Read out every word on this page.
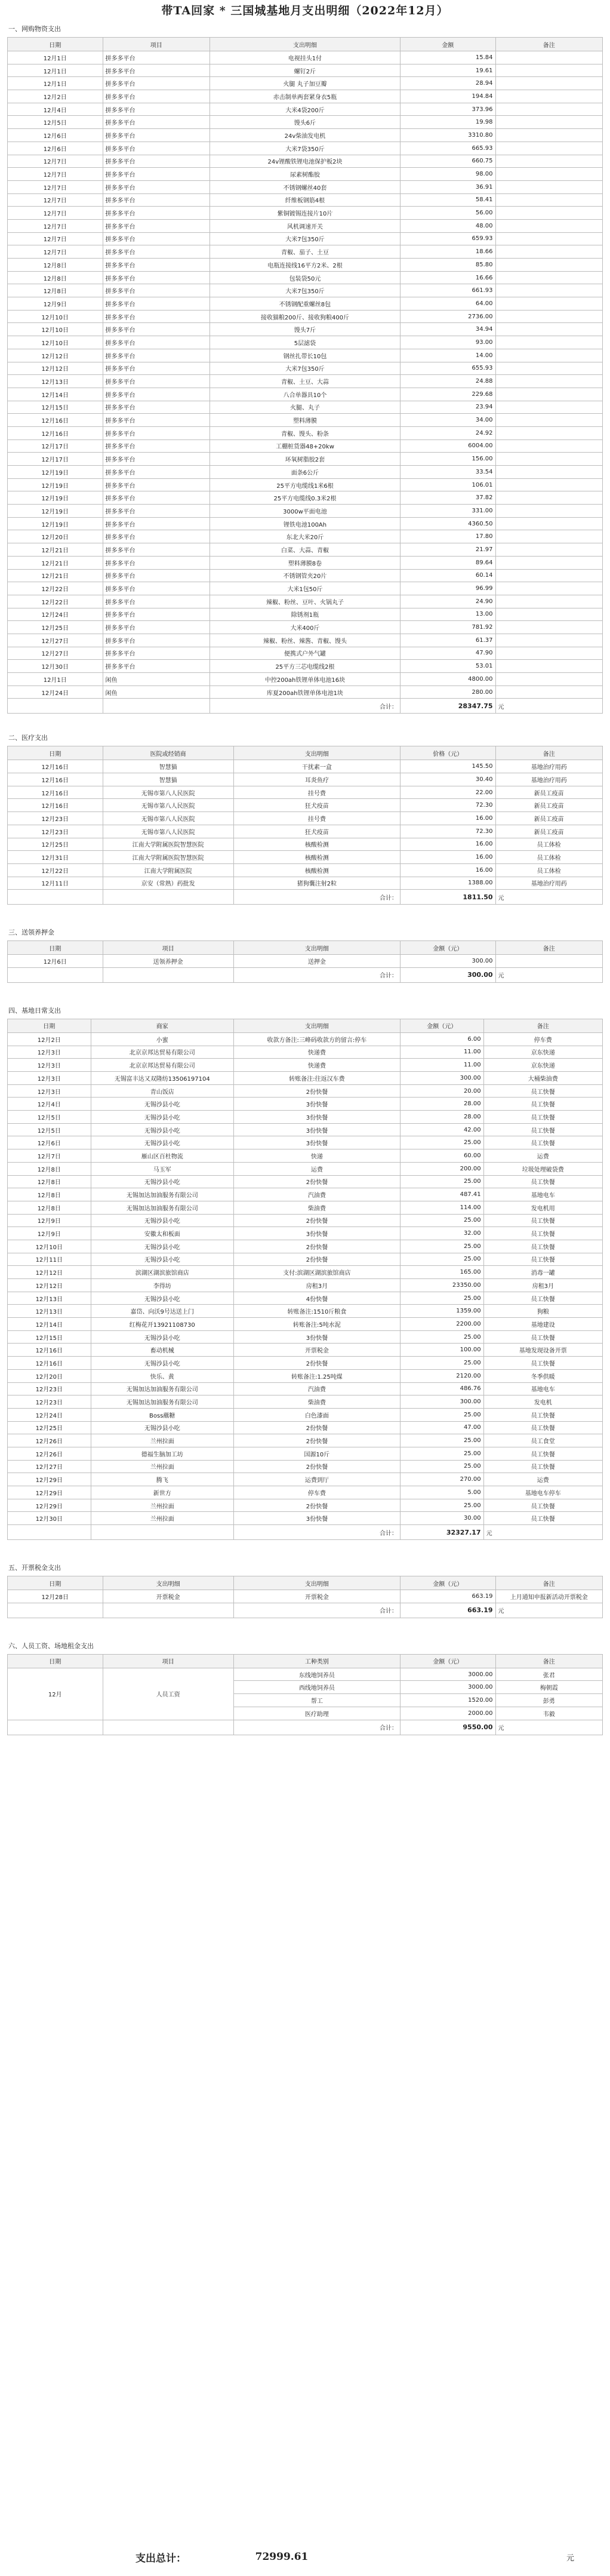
带TA回家 * 三国城基地月支出明细（2022年12月）
一、网购物资支出
日期	项目	支出明细	金额	备注
12月1日	拼多多平台	电视挂头1付	15.84	
12月1日	拼多多平台	螺钉2斤	19.61	
12月1日	拼多多平台	火腿 丸子加豆瓣	28.94	
12月2日	拼多多平台	赤击制单两套紧身衣5瓶	194.84	
12月4日	拼多多平台	大米4袋200斤	373.96	
12月5日	拼多多平台	馒头6斤	19.98	
12月6日	拼多多平台	24v柴油发电机	3310.80	
12月6日	拼多多平台	大米7袋350斤	665.93	
12月7日	拼多多平台	24v锂酸铁锂电池保护板2块	660.75	
12月7日	拼多多平台	尿素树酯胶	98.00	
12月7日	拼多多平台	不锈钢螺丝40套	36.91	
12月7日	拼多多平台	纤维板钢筋4根	58.41	
12月7日	拼多多平台	紫铜镀锡连接片10片	56.00	
12月7日	拼多多平台	风机调速开关	48.00	
12月7日	拼多多平台	大米7包350斤	659.93	
12月7日	拼多多平台	青椒、茄子、土豆	18.66	
12月8日	拼多多平台	电瓶连接线16平方2米、2根	85.80	
12月8日	拼多多平台	包装袋50元	16.66	
12月8日	拼多多平台	大米7包350斤	661.93	
12月9日	拼多多平台	不锈钢配重螺丝8包	64.00	
12月10日	拼多多平台	接收猫粮200斤、接收狗粮400斤	2736.00	
12月10日	拼多多平台	馒头7斤	34.94	
12月10日	拼多多平台	5层滤袋	93.00	
12月12日	拼多多平台	钢丝扎带长10包	14.00	
12月12日	拼多多平台	大米7包350斤	655.93	
12月13日	拼多多平台	青椒、土豆、大蒜	24.88	
12月14日	拼多多平台	八合单器具10个	229.68	
12月15日	拼多多平台	火腿、丸子	23.94	
12月16日	拼多多平台	塑料薄膜	34.00	
12月16日	拼多多平台	青椒、馒头、粉条	24.92	
12月17日	拼多多平台	工棚桩货器48+20kw	6004.00	
12月17日	拼多多平台	环氧树脂胶2套	156.00	
12月19日	拼多多平台	面条6公斤	33.54	
12月19日	拼多多平台	25平方电缆线1米6根	106.01	
12月19日	拼多多平台	25平方电缆线0.3米2根	37.82	
12月19日	拼多多平台	3000w平面电池	331.00	
12月19日	拼多多平台	锂铁电池100Ah	4360.50	
12月20日	拼多多平台	东北大米20斤	17.80	
12月21日	拼多多平台	白菜、大蒜、青椒	21.97	
12月21日	拼多多平台	塑料薄膜8卷	89.64	
12月21日	拼多多平台	不锈钢管夹20片	60.14	
12月22日	拼多多平台	大米1包50斤	96.99	
12月22日	拼多多平台	辣椒、粉丝、豆叶、火锅丸子	24.90	
12月24日	拼多多平台	除锈剂1瓶	13.00	
12月25日	拼多多平台	大米400斤	781.92	
12月27日	拼多多平台	辣椒、粉丝、辣酱、青椒、馒头	61.37	
12月27日	拼多多平台	便携式户外气罐	47.90	
12月30日	拼多多平台	25平方三芯电缆线2根	53.01	
12月1日	闲鱼	中控200ah铁锂单体电池16块	4800.00	
12月24日	闲鱼	库夏200ah铁锂单体电池1块	280.00	
		合计：	28347.75	元
二、医疗支出
日期	医院或经销商	支出明细	价格（元）	备注
12月16日	智慧猫	干扰素一盒	145.50	基地治疗用药
12月16日	智慧猫	耳炎鱼疗	30.40	基地治疗用药
12月16日	无锡市第八人民医院	挂号费	22.00	新员工疫苗
12月16日	无锡市第八人民医院	狂犬疫苗	72.30	新员工疫苗
12月23日	无锡市第八人民医院	挂号费	16.00	新员工疫苗
12月23日	无锡市第八人民医院	狂犬疫苗	72.30	新员工疫苗
12月25日	江南大学附属医院智慧医院	核酸检测	16.00	员工体检
12月31日	江南大学附属医院智慧医院	核酸检测	16.00	员工体检
12月22日	江南大学附属医院	核酸检测	16.00	员工体检
12月11日	京安（常熟）药批发	猪狗囊注射2粒	1388.00	基地治疗用药
		合计：	1811.50	元
三、送领养押金
日期	项目	支出明细	金额（元）	备注
12月6日	送领养押金	送押金	300.00	
		合计：	300.00	元
四、基地日常支出
日期	商家	支出明细	金额（元）	备注
12月2日	小蜜	收款方备注:三峰码收款方的留言:停车	6.00	停车费
12月3日	北京京邦达贸易有限公司	快递费	11.00	京东快递
12月3日	北京京邦达贸易有限公司	快递费	11.00	京东快递
12月3日	无锡富丰达又双隆纺13506197104	转账备注:往返汉车费	300.00	大桶柴油费
12月3日	青山饭店	2份快餐	20.00	员工快餐
12月4日	无锡沙县小吃	3份快餐	28.00	员工快餐
12月5日	无锡沙县小吃	3份快餐	28.00	员工快餐
12月5日	无锡沙县小吃	3份快餐	42.00	员工快餐
12月6日	无锡沙县小吃	3份快餐	25.00	员工快餐
12月7日	雁山区百杜物流	快递	60.00	运费
12月8日	马玉军	运费	200.00	垃圾处理破袋费
12月8日	无锡沙县小吃	2份快餐	25.00	员工快餐
12月8日	无锡加达加油服务有限公司	汽油费	487.41	基地电车
12月8日	无锡加达加油服务有限公司	柴油费	114.00	发电机用
12月9日	无锡沙县小吃	2份快餐	25.00	员工快餐
12月9日	安徽太和板面	3份快餐	32.00	员工快餐
12月10日	无锡沙县小吃	2份快餐	25.00	员工快餐
12月11日	无锡沙县小吃	2份快餐	25.00	员工快餐
12月12日	滨湖区湖滨旅馆商店	支付:滨湖区湖滨旅馆商店	165.00	消毒一罐
12月12日	李得坊	房租3月	23350.00	房租3月
12月13日	无锡沙县小吃	4份快餐	25.00	员工快餐
12月13日	嘉岱、向沃9号达送上门	转账备注:1510斤粮食	1359.00	狗粮
12月14日	红梅花开13921108730	转账备注:5吨水泥	2200.00	基地建设
12月15日	无锡沙县小吃	3份快餐	25.00	员工快餐
12月16日	畜动机械	开票税金	100.00	基地发现设备开票
12月16日	无锡沙县小吃	2份快餐	25.00	员工快餐
12月20日	快乐、黄	转账备注:1.25吨煤	2120.00	冬季供暖
12月23日	无锡加达加油服务有限公司	汽油费	486.76	基地电车
12月23日	无锡加达加油服务有限公司	柴油费	300.00	发电机
12月24日	Boss蘸糖	白色漆面	25.00	员工快餐
12月25日	无锡沙县小吃	2份快餐	47.00	员工快餐
12月26日	兰州拉面	2份快餐	25.00	员工食堂
12月26日	德福生脑加工坊	国源10斤	25.00	员工快餐
12月27日	兰州拉面	2份快餐	25.00	员工快餐
12月29日	腾飞	运费到厅	270.00	运费
12月29日	新世方	停车费	5.00	基地电车停车
12月29日	兰州拉面	2份快餐	25.00	员工快餐
12月30日	兰州拉面	3份快餐	30.00	员工快餐
		合计：	32327.17	元
五、开票税金支出
日期	支出明细	支出明细	金额（元）	备注
12月28日	开票税金	开票税金	663.19	上月通知申报新活动开票税金
		合计：	663.19	元
六、人员工资、场地租金支出
日期	项目	工种类别	金额（元）	备注
12月	人员工资	东线地饲养员	3000.00	张君
		西线地饲养员	3000.00	梅朝霞
		帮工	1520.00	彭勇
		医疗助理	2000.00	韦毅
		合计：	9550.00	元
支出总计：	72999.61	元
